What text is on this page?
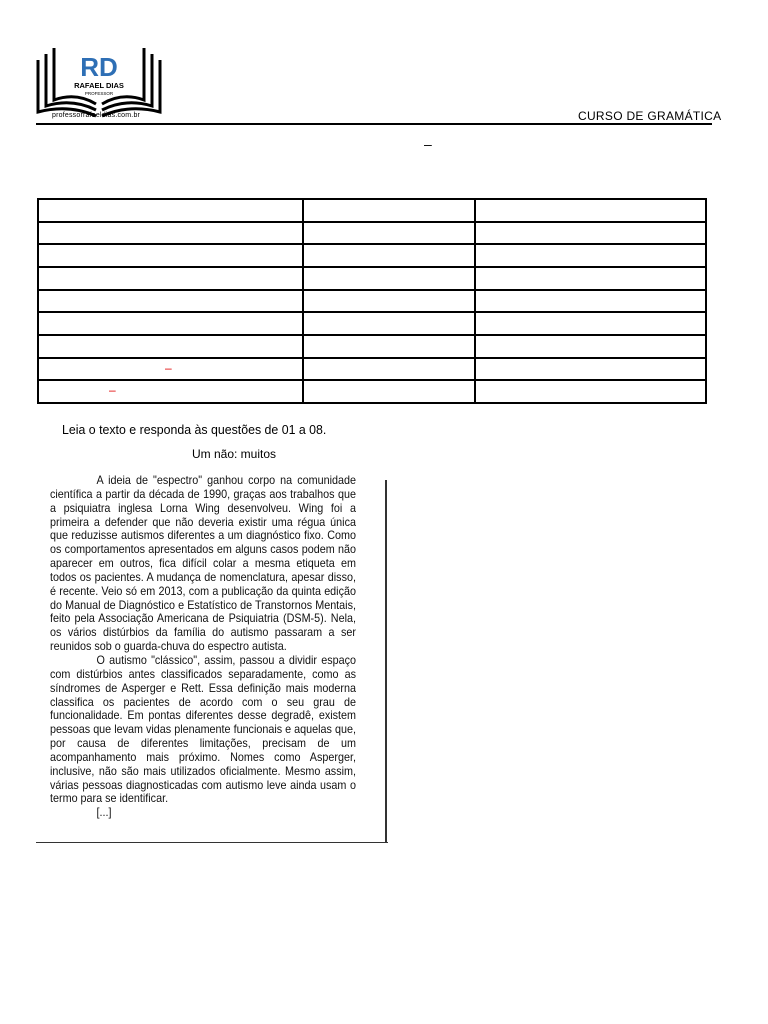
RD
RAFAEL DIAS
PROFESSOR
professorrafaeldias.com.br	CURSO DE GRAMÁTICA
–

–		

–		

Leia o texto e responda às questões de 01 a 08.
Um não: muitos

A ideia de "espectro" ganhou corpo na comunidade científica a partir da década de 1990, graças aos trabalhos que a psiquiatra inglesa Lorna Wing desenvolveu. Wing foi a primeira a defender que não deveria existir uma régua única que reduzisse autismos diferentes a um diagnóstico fixo. Como os comportamentos apresentados em alguns casos podem não aparecer em outros, fica difícil colar a mesma etiqueta em todos os pacientes. A mudança de nomenclatura, apesar disso, é recente. Veio só em 2013, com a publicação da quinta edição do Manual de Diagnóstico e Estatístico de Transtornos Mentais, feito pela Associação Americana de Psiquiatria (DSM-5). Nela, os vários distúrbios da família do autismo passaram a ser reunidos sob o guarda-chuva do espectro autista.

O autismo "clássico", assim, passou a dividir espaço com distúrbios antes classificados separadamente, como as síndromes de Asperger e Rett. Essa definição mais moderna classifica os pacientes de acordo com o seu grau de funcionalidade. Em pontas diferentes desse degradê, existem pessoas que levam vidas plenamente funcionais e aquelas que, por causa de diferentes limitações, precisam de um acompanhamento mais próximo. Nomes como Asperger, inclusive, não são mais utilizados oficialmente. Mesmo assim, várias pessoas diagnosticadas com autismo leve ainda usam o termo para se identificar.

[...]
